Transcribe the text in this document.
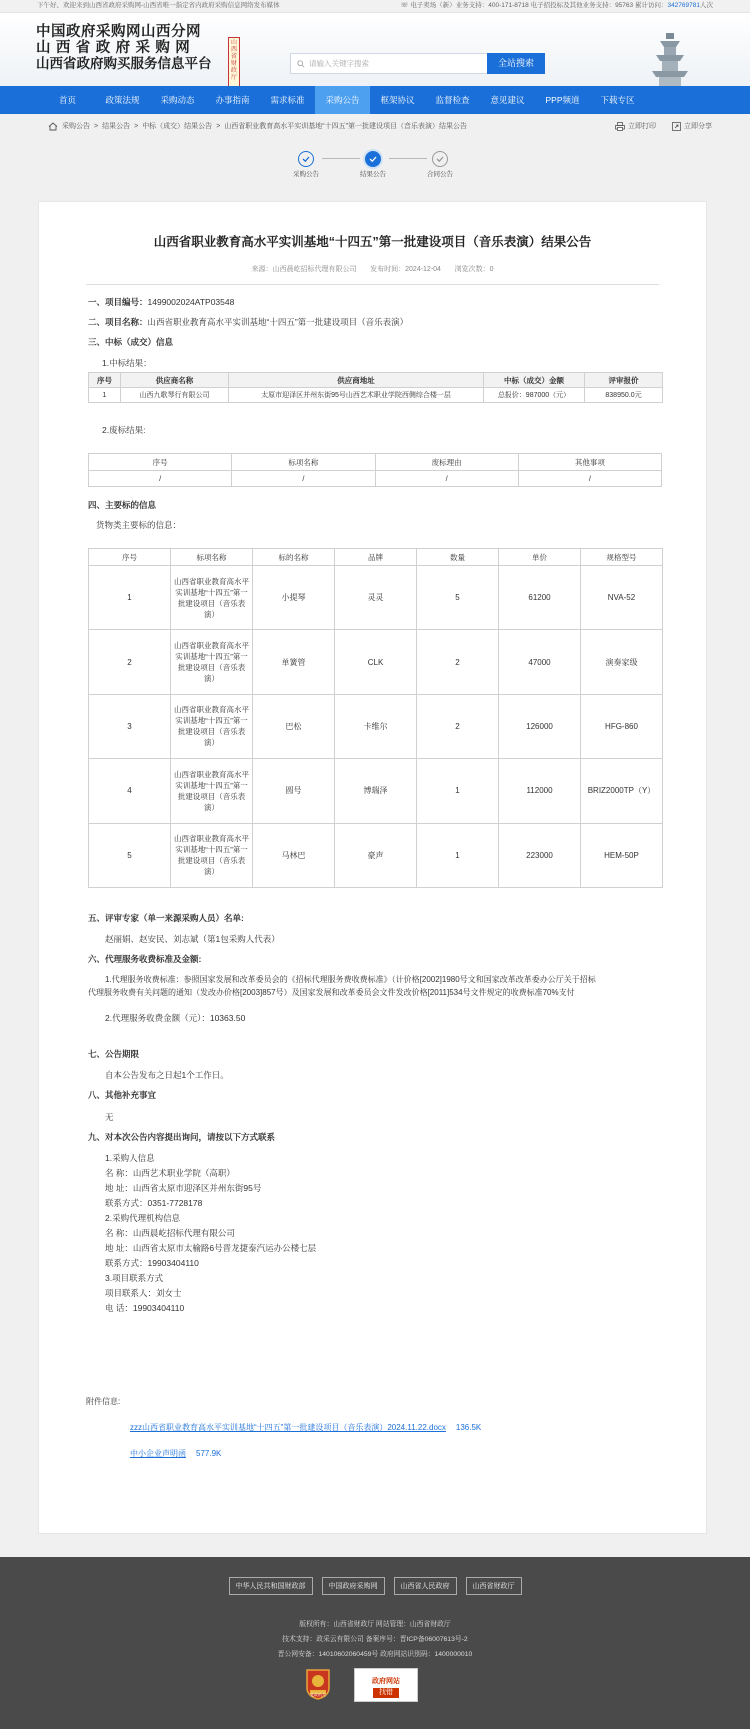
下午好、欢迎来到山西省政府采购网-山西省唯一指定省内政府采购信息网络发布媒体	☏ 电子卖场（新）业务支持：400-171-8718 电子招投标及其他业务支持：95763 累计访问：342769781人次
中国政府采购网山西分网
山西省政府采购网
山西省政府购买服务信息平台
山西省财政厅
请输入关键字搜索	全站搜索
首页	政策法规	采购动态	办事指南	需求标准	采购公告	框架协议	监督检查	意见建议	PPP频道	下载专区
采购公告 > 结果公告 > 中标（成交）结果公告 > 山西省职业教育高水平实训基地“十四五”第一批建设项目（音乐表演）结果公告	立即打印	立即分享
采购公告	结果公告	合同公告
山西省职业教育高水平实训基地“十四五”第一批建设项目（音乐表演）结果公告
来源：山西晨屹招标代理有限公司 发布时间：2024-12-04 浏览次数：0
一、项目编号：1499002024ATP03548
二、项目名称：山西省职业教育高水平实训基地“十四五”第一批建设项目（音乐表演）
三、中标（成交）信息
1.中标结果：
序号	供应商名称	供应商地址	中标（成交）金额	评审报价
1	山西九歌琴行有限公司	太原市迎泽区并州东街95号山西艺术职业学院西侧综合楼一层	总报价：987000（元）	838950.0元
2.废标结果:
序号	标项名称	废标理由	其他事项
/	/	/	/
四、主要标的信息
货物类主要标的信息：
序号	标项名称	标的名称	品牌	数量	单价	规格型号
1	山西省职业教育高水平实训基地“十四五”第一批建设项目（音乐表演）	小提琴	灵灵	5	61200	NVA-52
2	山西省职业教育高水平实训基地“十四五”第一批建设项目（音乐表演）	单簧管	CLK	2	47000	演奏家级
3	山西省职业教育高水平实训基地“十四五”第一批建设项目（音乐表演）	巴松	卡维尔	2	126000	HFG-860
4	山西省职业教育高水平实训基地“十四五”第一批建设项目（音乐表演）	圆号	博瑞泽	1	112000	BRIZ2000TP（Y）
5	山西省职业教育高水平实训基地“十四五”第一批建设项目（音乐表演）	马林巴	豪声	1	223000	HEM-50P
五、评审专家（单一来源采购人员）名单:
赵丽娟、赵安民、刘志斌（第1包采购人代表）
六、代理服务收费标准及金额:
1.代理服务收费标准：参照国家发展和改革委员会的《招标代理服务费收费标准》（计价格[2002]1980号文和国家改革改革委办公厅关于招标
代理服务收费有关问题的通知（发改办价格[2003]857号）及国家发展和改革委员会文件发改价格[2011]534号文件规定的收费标准70%支付
2.代理服务收费金额（元）：10363.50
七、公告期限
自本公告发布之日起1个工作日。
八、其他补充事宜
无
九、对本次公告内容提出询问，请按以下方式联系
1.采购人信息
名 称：山西艺术职业学院（高职）
地 址：山西省太原市迎泽区并州东街95号
联系方式：0351-7728178
2.采购代理机构信息
名 称：山西晨屹招标代理有限公司
地 址：山西省太原市太榆路6号晋龙捷泰汽运办公楼七层
联系方式：19903404110
3.项目联系方式
项目联系人：刘女士
电 话：19903404110
附件信息:
zzz山西省职业教育高水平实训基地“十四五”第一批建设项目（音乐表演）2024.11.22.docx 136.5K
中小企业声明函 577.9K
中华人民共和国财政部	中国政府采购网	山西省人民政府	山西省财政厅
版权所有：山西省财政厅 网站管理：山西省财政厅
技术支持：政采云有限公司 备案序号：晋ICP备06007613号-2
晋公网安备：14010602060459号 政府网站识别码：1400000010
党政机关
政府网站
找错
